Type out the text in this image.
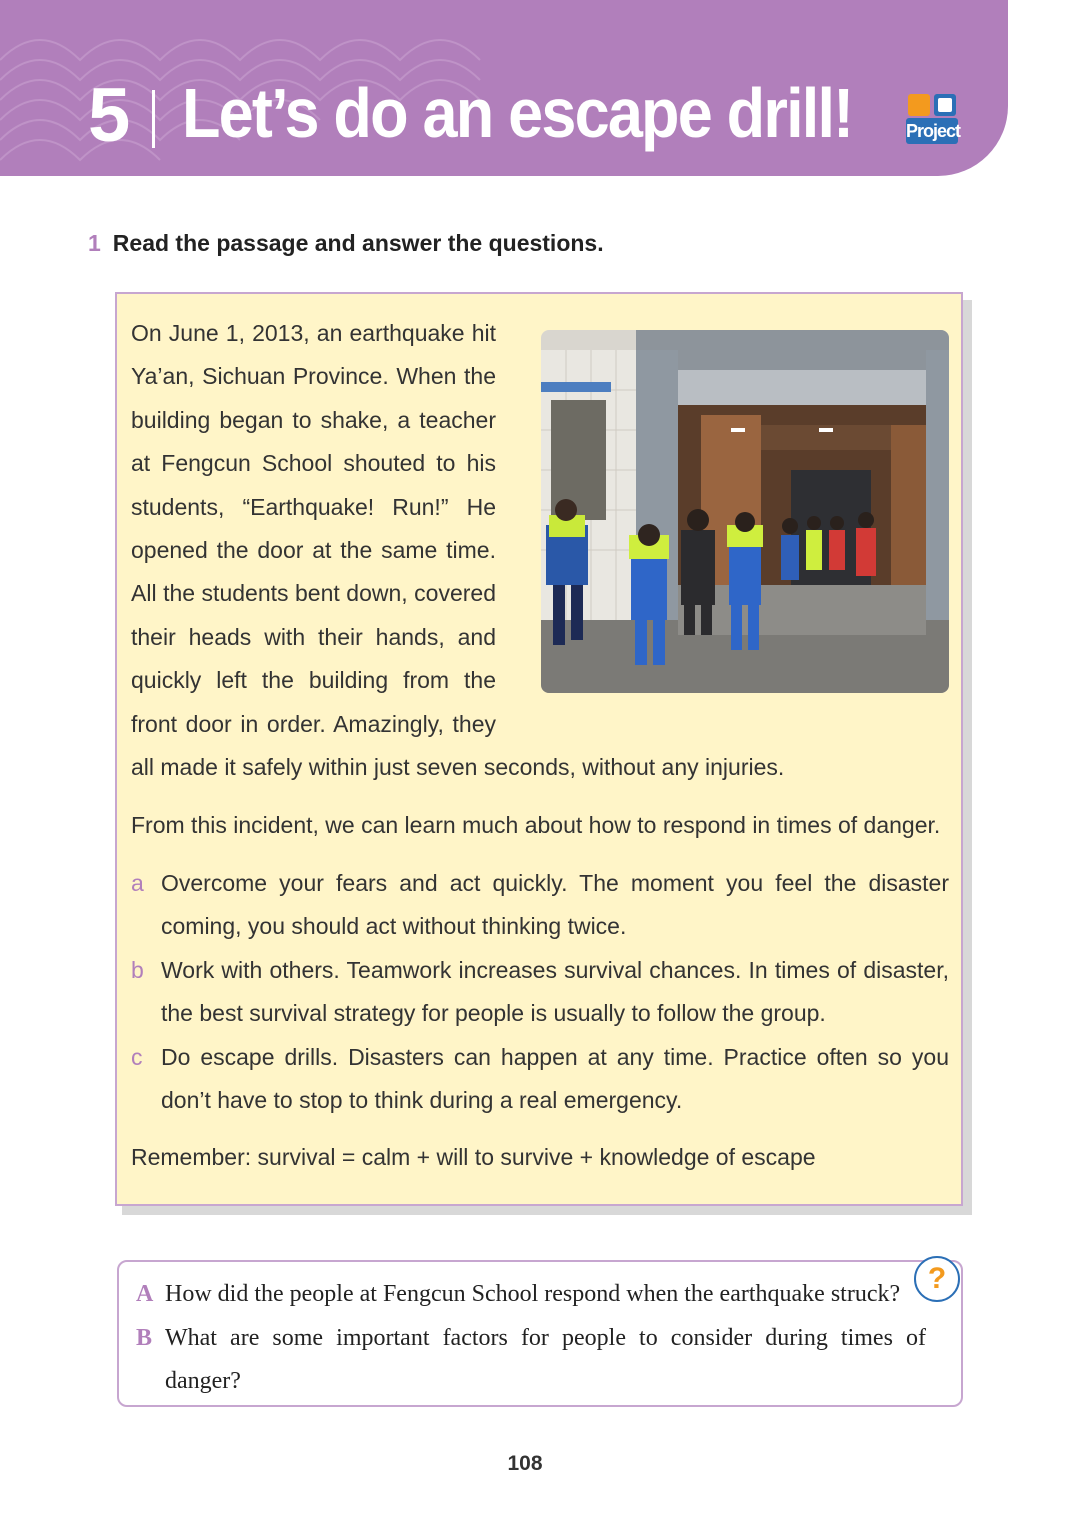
5 Let’s do an escape drill!	Project
1 Read the passage and answer the questions.
On June 1, 2013, an earthquake hit Ya’an, Sichuan Province. When the building began to shake, a teacher at Fengcun School shouted to his students, “Earthquake! Run!” He opened the door at the same time. All the students bent down, covered their heads with their hands, and quickly left the building from the front door in order. Amazingly, they
all made it safely within just seven seconds, without any injuries.
From this incident, we can learn much about how to respond in times of danger.
a Overcome your fears and act quickly. The moment you feel the disaster coming, you should act without thinking twice.
b Work with others. Teamwork increases survival chances. In times of disaster, the best survival strategy for people is usually to follow the group.
c Do escape drills. Disasters can happen at any time. Practice often so you don’t have to stop to think during a real emergency.
Remember: survival = calm + will to survive + knowledge of escape
A How did the people at Fengcun School respond when the earthquake struck?
B What are some important factors for people to consider during times of danger?
?
108
